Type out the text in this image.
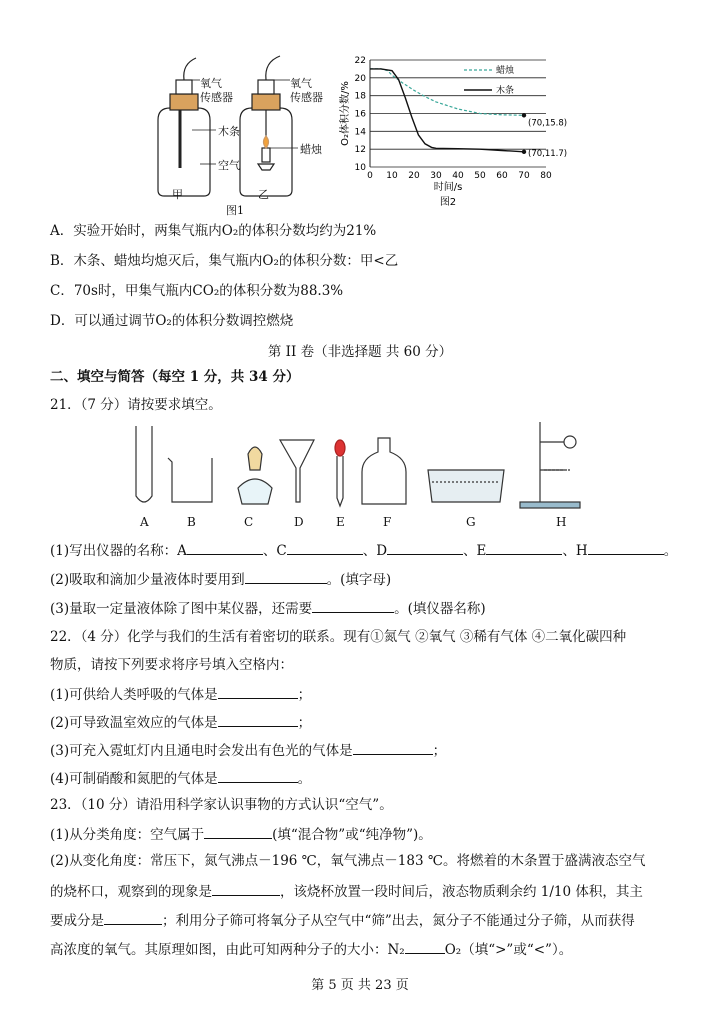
氧气
传感器
氧气
传感器
木条
空气
蜡烛
甲	乙
图1
10
12
14
16
18
20
22
0 10 20 30 40 50 60 70 80
时间/s
O₂体积分数/%
图2
(70,15.8)
(70,11.7)
蜡烛
木条
A．实验开始时，两集气瓶内O₂的体积分数均约为21%
B．木条、蜡烛均熄灭后，集气瓶内O₂的体积分数：甲<乙
C．70s时，甲集气瓶内CO₂的体积分数为88.3%
D．可以通过调节O₂的体积分数调控燃烧
第 II 卷（非选择题 共 60 分）
二、填空与简答（每空 1 分，共 34 分）
21．（7 分）请按要求填空。
A	B	C	D	E	F	G	H
(1)写出仪器的名称：A	、C	、D	、E	、H	。
(2)吸取和滴加少量液体时要用到	。(填字母)
(3)量取一定量液体除了图中某仪器，还需要	。(填仪器名称)
22．（4 分）化学与我们的生活有着密切的联系。现有①氮气 ②氧气 ③稀有气体 ④二氧化碳四种
物质，请按下列要求将序号填入空格内：
(1)可供给人类呼吸的气体是	；
(2)可导致温室效应的气体是	；
(3)可充入霓虹灯内且通电时会发出有色光的气体是	；
(4)可制硝酸和氮肥的气体是	。
23．（10 分）请沿用科学家认识事物的方式认识“空气”。
(1)从分类角度：空气属于	(填“混合物”或“纯净物”)。
(2)从变化角度：常压下，氮气沸点－196 ℃，氧气沸点－183 ℃。将燃着的木条置于盛满液态空气
的烧杯口，观察到的现象是	，该烧杯放置一段时间后，液态物质剩余约 1/10 体积，其主
要成分是	；利用分子筛可将氧分子从空气中“筛”出去，氮分子不能通过分子筛，从而获得
高浓度的氧气。其原理如图，由此可知两种分子的大小：N₂	O₂（填“>”或“<”）。
第 5 页 共 23 页
